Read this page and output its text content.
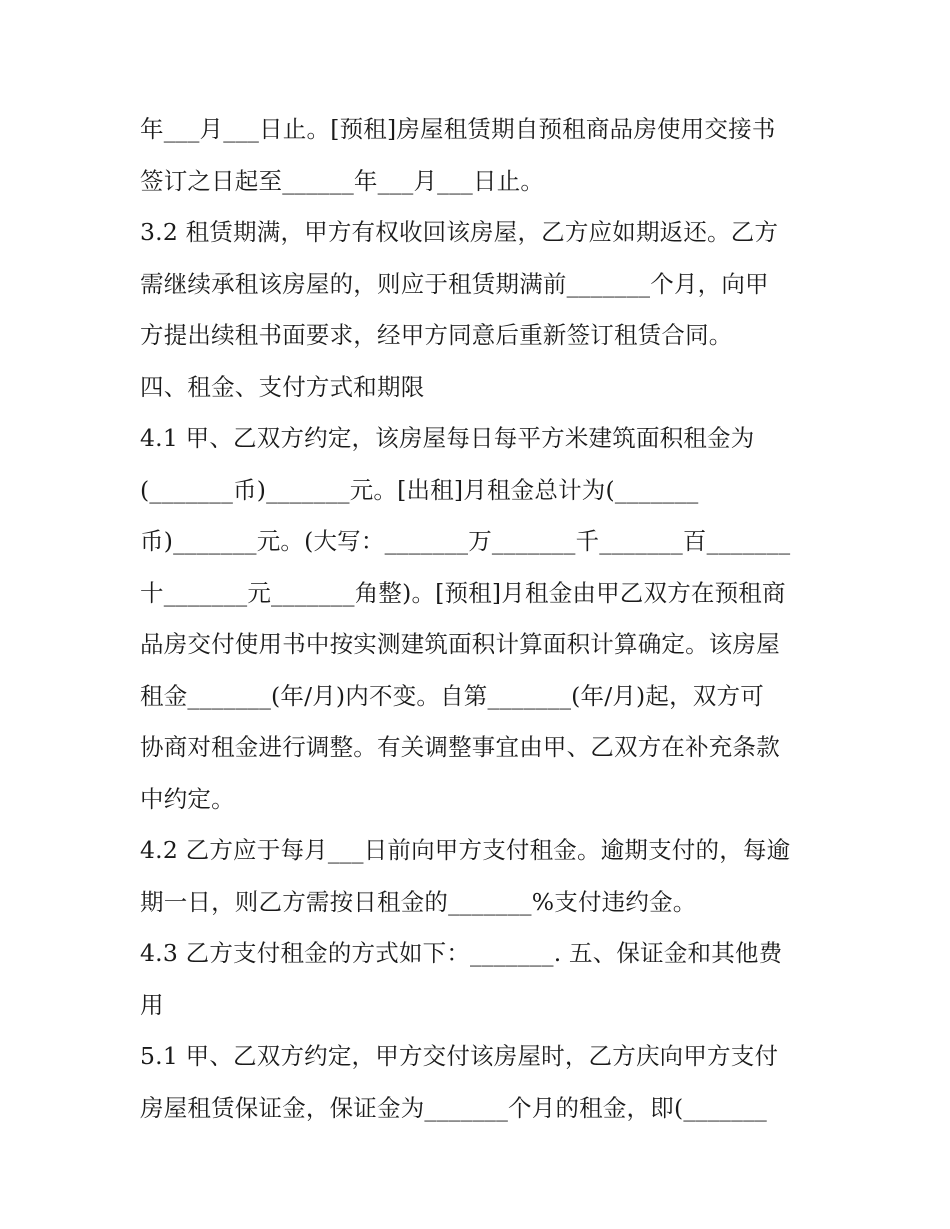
年___月___日止。[预租]房屋租赁期自预租商品房使用交接书
签订之日起至______年___月___日止。
3.2 租赁期满，甲方有权收回该房屋，乙方应如期返还。乙方
需继续承租该房屋的，则应于租赁期满前_______个月，向甲
方提出续租书面要求，经甲方同意后重新签订租赁合同。
四、租金、支付方式和期限
4.1 甲、乙双方约定，该房屋每日每平方米建筑面积租金为
(_______币)_______元。[出租]月租金总计为(_______
币)_______元。(大写：_______万_______千_______百_______
十_______元_______角整)。[预租]月租金由甲乙双方在预租商
品房交付使用书中按实测建筑面积计算面积计算确定。该房屋
租金_______(年/月)内不变。自第_______(年/月)起，双方可
协商对租金进行调整。有关调整事宜由甲、乙双方在补充条款
中约定。
4.2 乙方应于每月___日前向甲方支付租金。逾期支付的，每逾
期一日，则乙方需按日租金的_______%支付违约金。
4.3 乙方支付租金的方式如下：_______. 五、保证金和其他费
用
5.1 甲、乙双方约定，甲方交付该房屋时，乙方庆向甲方支付
房屋租赁保证金，保证金为_______个月的租金，即(_______
